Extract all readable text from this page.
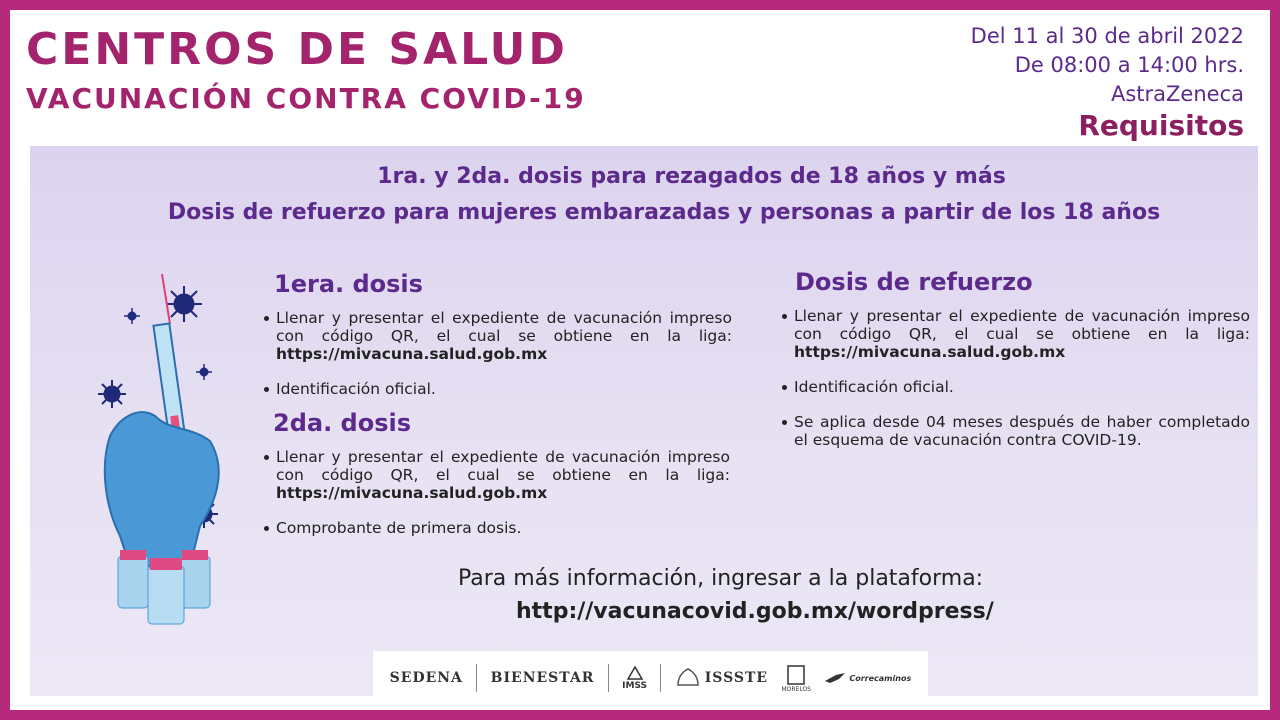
CENTROS DE SALUD
VACUNACIÓN CONTRA COVID-19
Del 11 al 30 de abril 2022
De 08:00 a 14:00 hrs.
AstraZeneca
Requisitos
1ra. y 2da. dosis para rezagados de 18 años y más
Dosis de refuerzo para mujeres embarazadas y personas a partir de los 18 años
1era. dosis
Llenar y presentar el expediente de vacunación impreso con código QR, el cual se obtiene en la liga: https://mivacuna.salud.gob.mx
Identificación oficial.
2da. dosis
Llenar y presentar el expediente de vacunación impreso con código QR, el cual se obtiene en la liga: https://mivacuna.salud.gob.mx
Comprobante de primera dosis.
Dosis de refuerzo
Llenar y presentar el expediente de vacunación impreso con código QR, el cual se obtiene en la liga: https://mivacuna.salud.gob.mx
Identificación oficial.
Se aplica desde 04 meses después de haber completado el esquema de vacunación contra COVID-19.
Para más información, ingresar a la plataforma:
http://vacunacovid.gob.mx/wordpress/
SEDENA BIENESTAR	IMSS	ISSSTE
MORELOS
Correcaminos
